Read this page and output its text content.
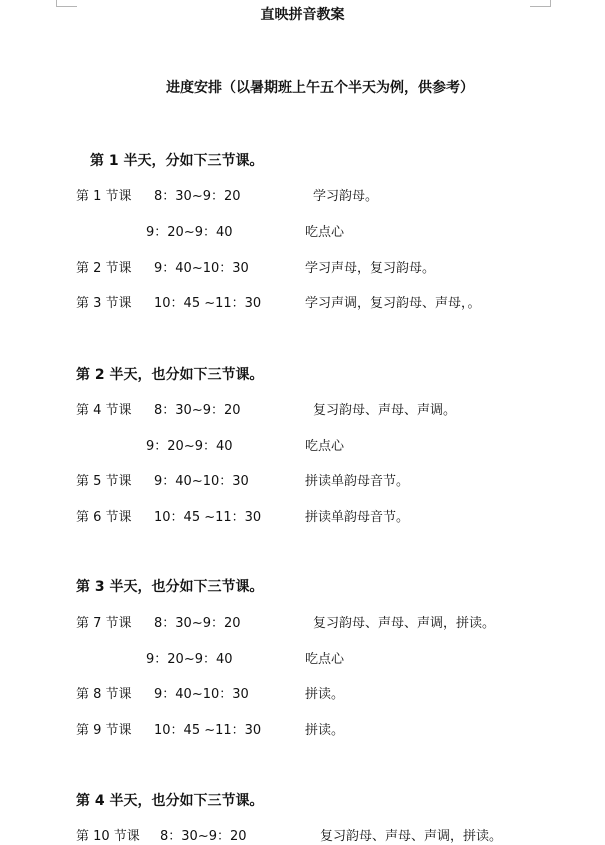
直映拼音教案
进度安排（以暑期班上午五个半天为例，供参考）
第 1 半天，分如下三节课。
第 1 节课 8：30~9：20	学习韵母。
9：20~9：40	吃点心
第 2 节课 9：40~10：30	学习声母，复习韵母。
第 3 节课 10：45 ~11：30	学习声调，复习韵母、声母，。
第 2 半天，也分如下三节课。
第 4 节课 8：30~9：20	复习韵母、声母、声调。
9：20~9：40	吃点心
第 5 节课 9：40~10：30	拼读单韵母音节。
第 6 节课 10：45 ~11：30	拼读单韵母音节。
第 3 半天，也分如下三节课。
第 7 节课 8：30~9：20	复习韵母、声母、声调，拼读。
9：20~9：40	吃点心
第 8 节课 9：40~10：30	拼读。
第 9 节课 10：45 ~11：30	拼读。
第 4 半天，也分如下三节课。
第 10 节课 8：30~9：20	复习韵母、声母、声调，拼读。
